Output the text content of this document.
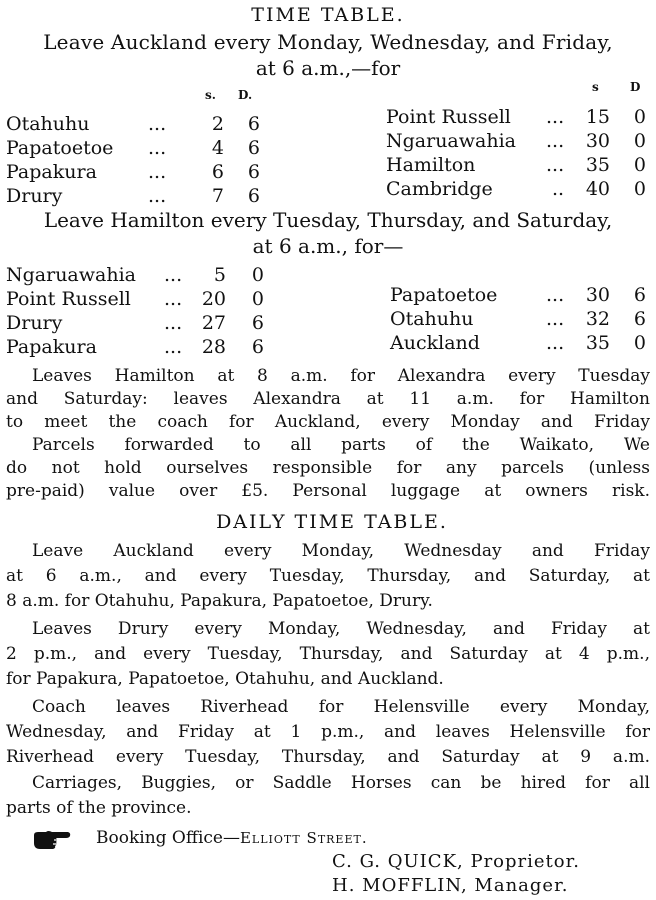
TIME TABLE.
Leave Auckland every Monday, Wednesday, and Friday,
at 6 a.m.,—for
s. D.
s	D
Otahuhu	...	2	6
Papatoetoe ...	4	6
Papakura	...	6	6
Drury	...	7	6
Point Russell ... 15	0
Ngaruawahia ... 30	0
Hamilton	... 35	0
Cambridge	.. 40	0
Leave Hamilton every Tuesday, Thursday, and Saturday,
at 6 a.m., for—
Ngaruawahia ...	5	0
Point Russell ... 20	0
Drury	... 27	6
Papakura	... 28	6
Papatoetoe	... 30	6
Otahuhu	... 32	6
Auckland	... 35	0
Leaves Hamilton at 8 a.m. for Alexandra every Tuesday
and Saturday: leaves Alexandra at 11 a.m. for Hamilton
to meet the coach for Auckland, every Monday and Friday
Parcels forwarded to all parts of the Waikato, We
do not hold ourselves responsible for any parcels (unless
pre-paid) value over £5. Personal luggage at owners risk.
DAILY TIME TABLE.
Leave Auckland every Monday, Wednesday and Friday
at 6 a.m., and every Tuesday, Thursday, and Saturday, at
8 a.m. for Otahuhu, Papakura, Papatoetoe, Drury.
Leaves Drury every Monday, Wednesday, and Friday at
2 p.m., and every Tuesday, Thursday, and Saturday at 4 p.m.,
for Papakura, Papatoetoe, Otahuhu, and Auckland.
Coach leaves Riverhead for Helensville every Monday,
Wednesday, and Friday at 1 p.m., and leaves Helensville for
Riverhead every Tuesday, Thursday, and Saturday at 9 a.m.
Carriages, Buggies, or Saddle Horses can be hired for all
parts of the province.
Booking Office—Elliott Street.
C. G. QUICK, Proprietor.
H. MOFFLIN, Manager.
